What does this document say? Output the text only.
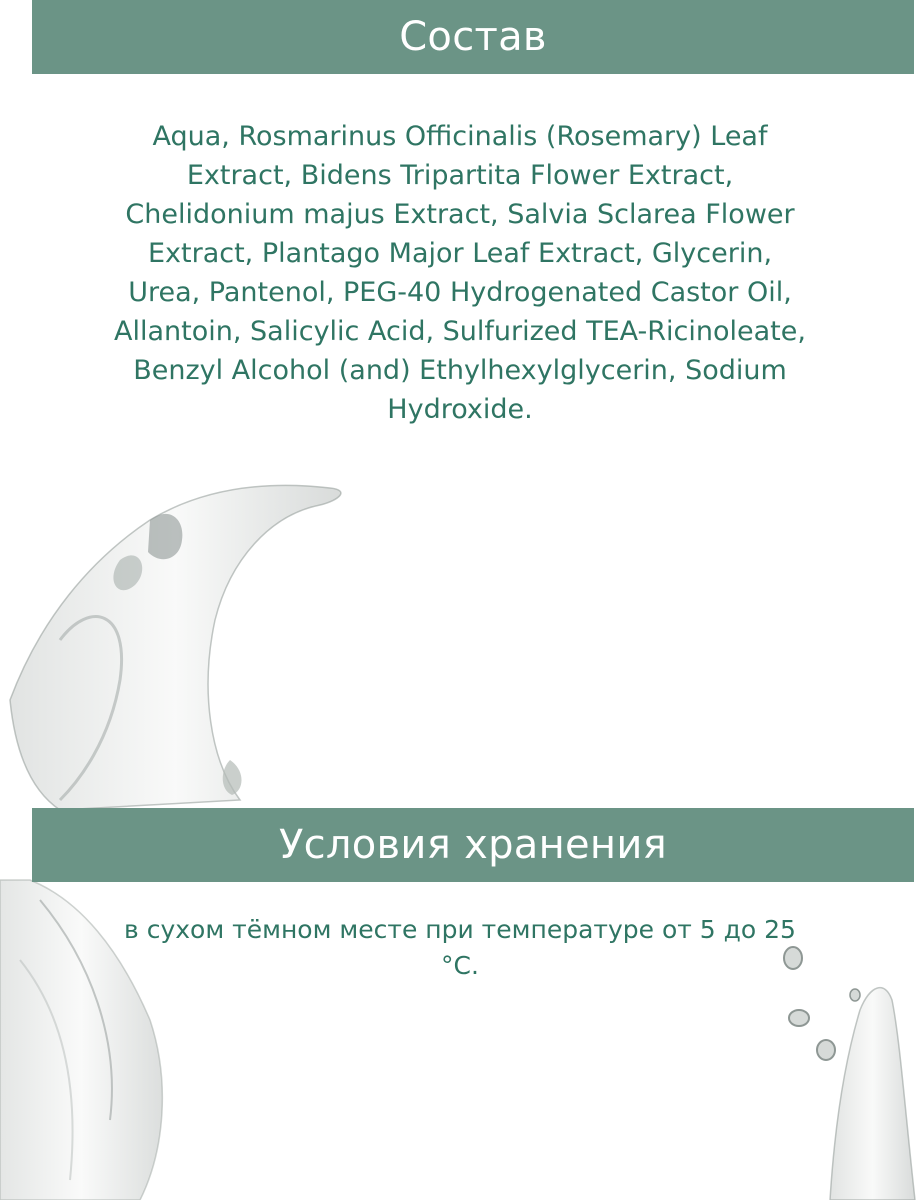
Состав
Aqua, Rosmarinus Officinalis (Rosemary) Leaf Extract, Bidens Tripartita Flower Extract, Chelidonium majus Extract, Salvia Sclarea Flower Extract, Plantago Major Leaf Extract, Glycerin, Urea, Pantenol, PEG-40 Hydrogenated Castor Oil, Allantoin, Salicylic Acid, Sulfurized TEA-Ricinoleate, Benzyl Alcohol (and) Ethylhexylglycerin, Sodium Hydroxide.
Условия хранения
в сухом тёмном месте при температуре от 5 до 25 °С.
